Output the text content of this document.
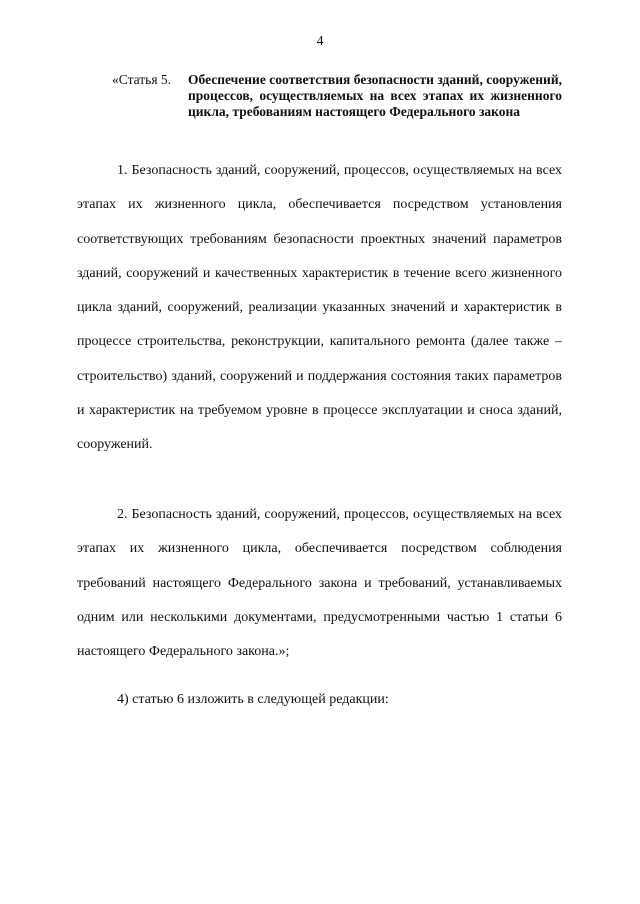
4
«Статья 5. Обеспечение соответствия безопасности зданий, сооружений, процессов, осуществляемых на всех этапах их жизненного цикла, требованиям настоящего Федерального закона

1. Безопасность зданий, сооружений, процессов, осуществляемых на всех этапах их жизненного цикла, обеспечивается посредством установления соответствующих требованиям безопасности проектных значений параметров зданий, сооружений и качественных характеристик в течение всего жизненного цикла зданий, сооружений, реализации указанных значений и характеристик в процессе строительства, реконструкции, капитального ремонта (далее также – строительство) зданий, сооружений и поддержания состояния таких параметров и характеристик на требуемом уровне в процессе эксплуатации и сноса зданий, сооружений.

2. Безопасность зданий, сооружений, процессов, осуществляемых на всех этапах их жизненного цикла, обеспечивается посредством соблюдения требований настоящего Федерального закона и требований, устанавливаемых одним или несколькими документами, предусмотренными частью 1 статьи 6 настоящего Федерального закона.»;

4) статью 6 изложить в следующей редакции:
